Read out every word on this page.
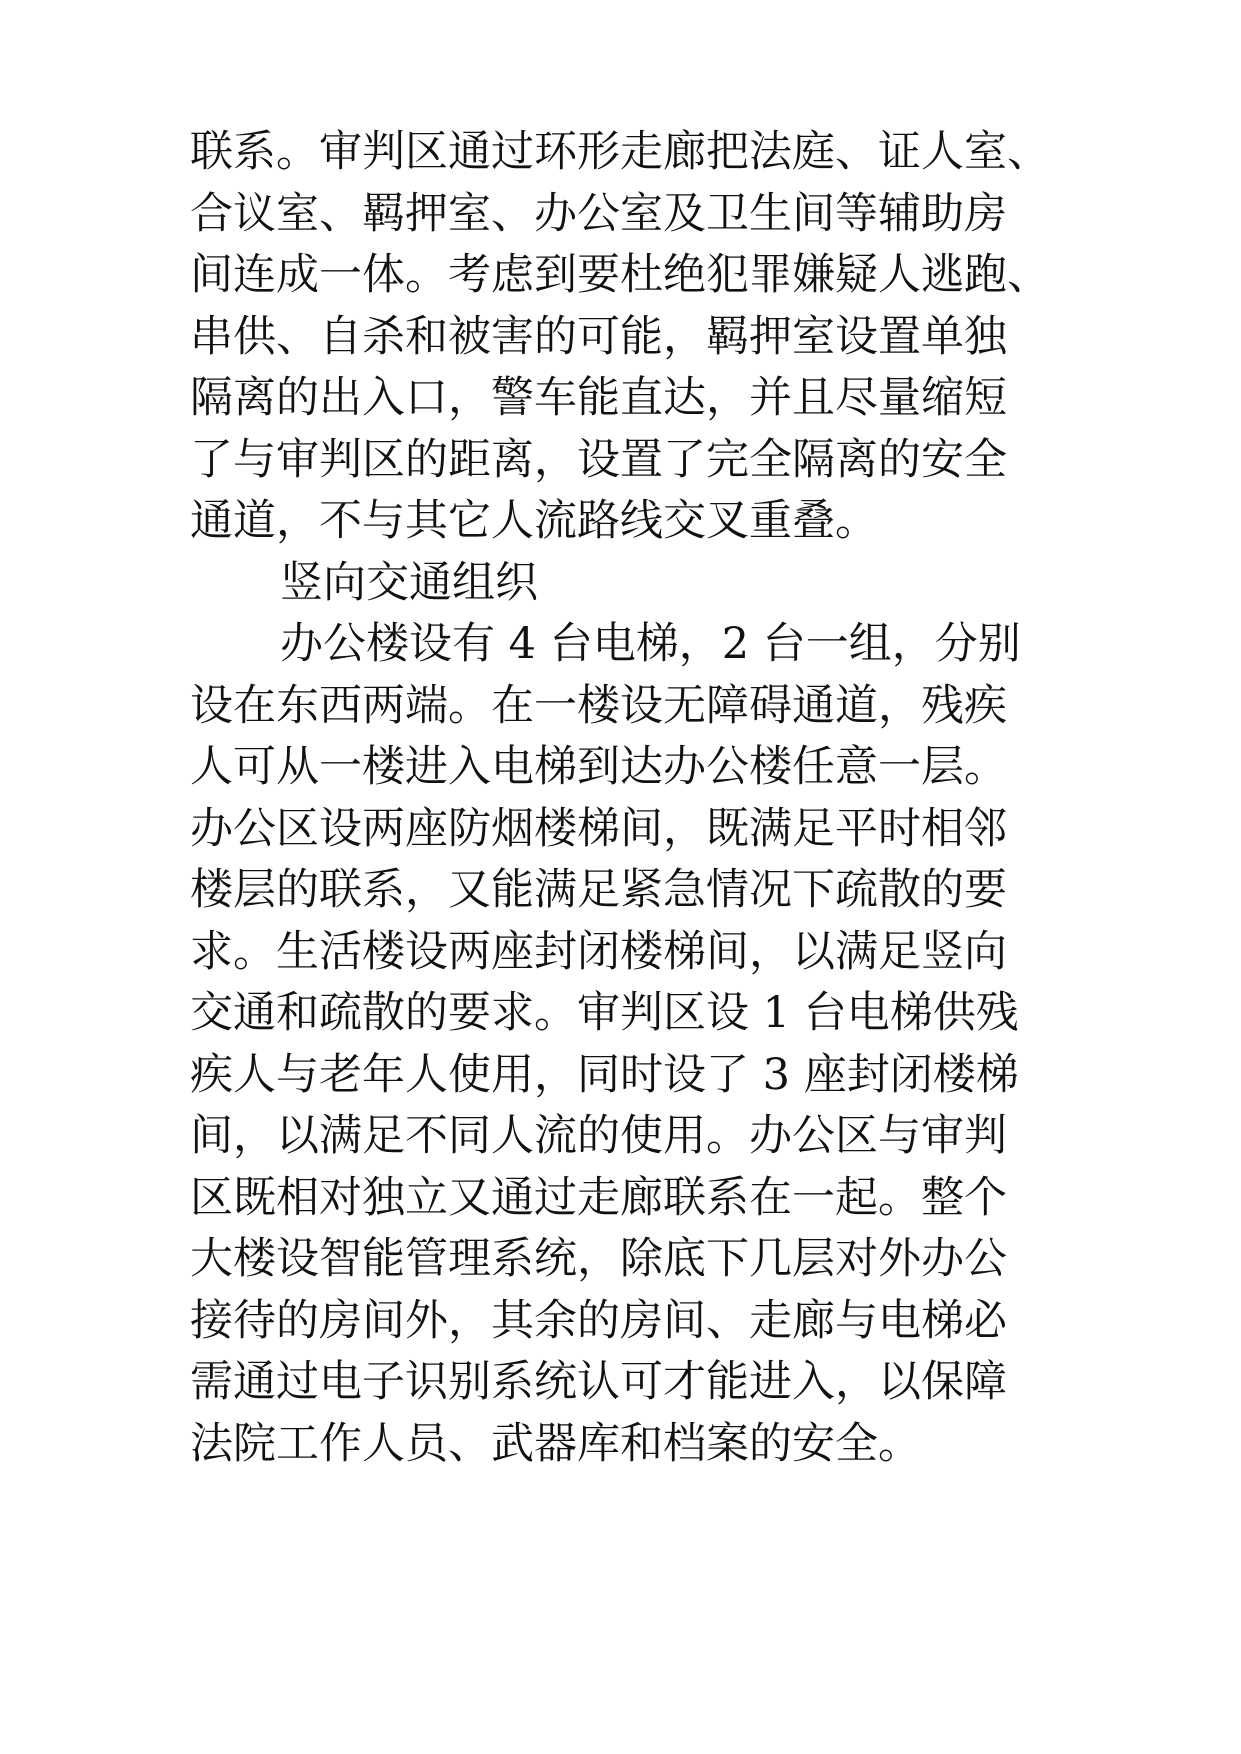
联系。审判区通过环形走廊把法庭、证人室、
合议室、羁押室、办公室及卫生间等辅助房
间连成一体。考虑到要杜绝犯罪嫌疑人逃跑、
串供、自杀和被害的可能，羁押室设置单独
隔离的出入口，警车能直达，并且尽量缩短
了与审判区的距离，设置了完全隔离的安全
通道，不与其它人流路线交叉重叠。
竖向交通组织
办公楼设有 4 台电梯，2 台一组，分别
设在东西两端。在一楼设无障碍通道，残疾
人可从一楼进入电梯到达办公楼任意一层。
办公区设两座防烟楼梯间，既满足平时相邻
楼层的联系，又能满足紧急情况下疏散的要
求。生活楼设两座封闭楼梯间，以满足竖向
交通和疏散的要求。审判区设 1 台电梯供残
疾人与老年人使用，同时设了 3 座封闭楼梯
间，以满足不同人流的使用。办公区与审判
区既相对独立又通过走廊联系在一起。整个
大楼设智能管理系统，除底下几层对外办公
接待的房间外，其余的房间、走廊与电梯必
需通过电子识别系统认可才能进入，以保障
法院工作人员、武器库和档案的安全。
